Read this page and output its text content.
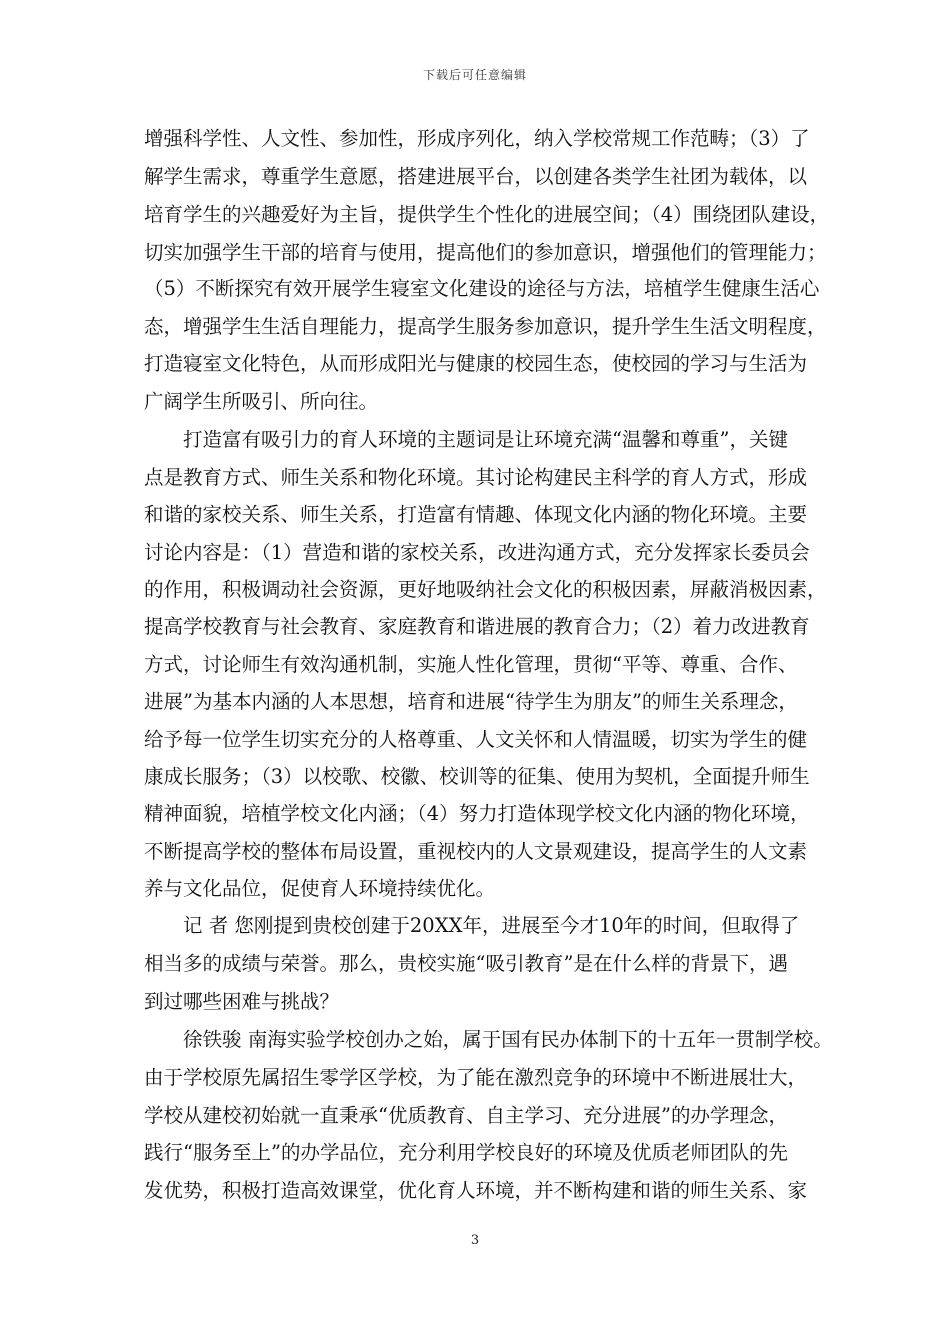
下载后可任意编辑
增强科学性、人文性、参加性，形成序列化，纳入学校常规工作范畴；（3）了
解学生需求，尊重学生意愿，搭建进展平台，以创建各类学生社团为载体，以
培育学生的兴趣爱好为主旨，提供学生个性化的进展空间；（4）围绕团队建设，
切实加强学生干部的培育与使用，提高他们的参加意识，增强他们的管理能力；
（5）不断探究有效开展学生寝室文化建设的途径与方法，培植学生健康生活心
态，增强学生生活自理能力，提高学生服务参加意识，提升学生生活文明程度，
打造寝室文化特色，从而形成阳光与健康的校园生态，使校园的学习与生活为
广阔学生所吸引、所向往。
　　打造富有吸引力的育人环境的主题词是让环境充满“温馨和尊重”，关键
点是教育方式、师生关系和物化环境。其讨论构建民主科学的育人方式，形成
和谐的家校关系、师生关系，打造富有情趣、体现文化内涵的物化环境。主要
讨论内容是：（1）营造和谐的家校关系，改进沟通方式，充分发挥家长委员会
的作用，积极调动社会资源，更好地吸纳社会文化的积极因素，屏蔽消极因素，
提高学校教育与社会教育、家庭教育和谐进展的教育合力；（2）着力改进教育
方式，讨论师生有效沟通机制，实施人性化管理，贯彻“平等、尊重、合作、
进展”为基本内涵的人本思想，培育和进展“待学生为朋友”的师生关系理念，
给予每一位学生切实充分的人格尊重、人文关怀和人情温暖，切实为学生的健
康成长服务；（3）以校歌、校徽、校训等的征集、使用为契机，全面提升师生
精神面貌，培植学校文化内涵；（4）努力打造体现学校文化内涵的物化环境，
不断提高学校的整体布局设置，重视校内的人文景观建设，提高学生的人文素
养与文化品位，促使育人环境持续优化。
　　记 者 您刚提到贵校创建于20XX年，进展至今才10年的时间，但取得了
相当多的成绩与荣誉。那么，贵校实施“吸引教育”是在什么样的背景下，遇
到过哪些困难与挑战？
　　徐铁骏 南海实验学校创办之始，属于国有民办体制下的十五年一贯制学校。
由于学校原先属招生零学区学校，为了能在激烈竞争的环境中不断进展壮大，
学校从建校初始就一直秉承“优质教育、自主学习、充分进展”的办学理念，
践行“服务至上”的办学品位，充分利用学校良好的环境及优质老师团队的先
发优势，积极打造高效课堂，优化育人环境，并不断构建和谐的师生关系、家
3
